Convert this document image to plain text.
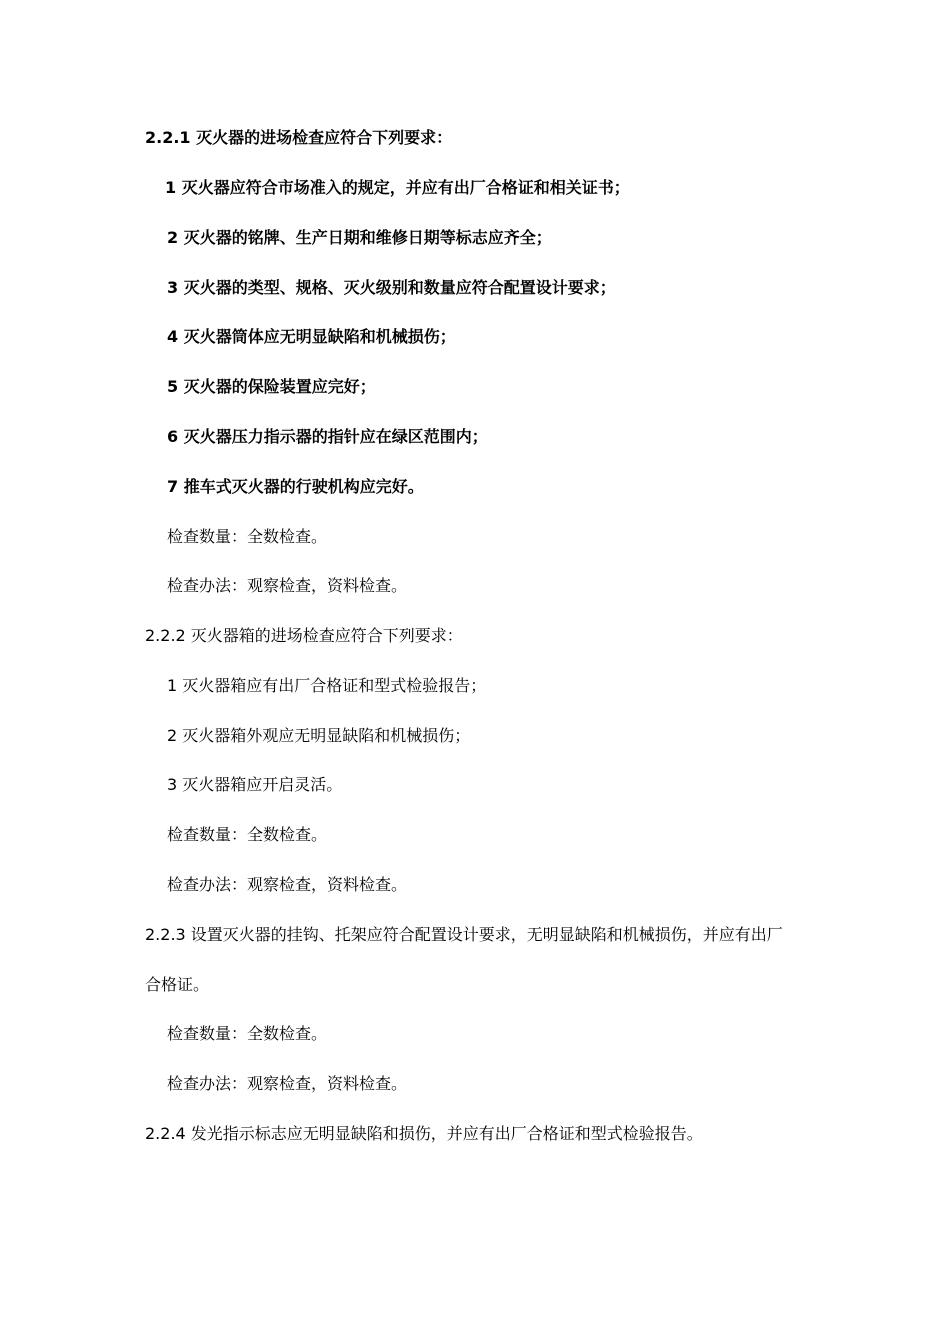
2.2.1 灭火器的进场检查应符合下列要求：
1 灭火器应符合市场准入的规定，并应有出厂合格证和相关证书；
2 灭火器的铭牌、生产日期和维修日期等标志应齐全；
3 灭火器的类型、规格、灭火级别和数量应符合配置设计要求；
4 灭火器筒体应无明显缺陷和机械损伤；
5 灭火器的保险装置应完好；
6 灭火器压力指示器的指针应在绿区范围内；
7 推车式灭火器的行驶机构应完好。
检查数量：全数检查。
检查办法：观察检查，资料检查。
2.2.2 灭火器箱的进场检查应符合下列要求：
1 灭火器箱应有出厂合格证和型式检验报告；
2 灭火器箱外观应无明显缺陷和机械损伤；
3 灭火器箱应开启灵活。
检查数量：全数检查。
检查办法：观察检查，资料检查。
2.2.3 设置灭火器的挂钩、托架应符合配置设计要求，无明显缺陷和机械损伤，并应有出厂
合格证。
检查数量：全数检查。
检查办法：观察检查，资料检查。
2.2.4 发光指示标志应无明显缺陷和损伤，并应有出厂合格证和型式检验报告。
